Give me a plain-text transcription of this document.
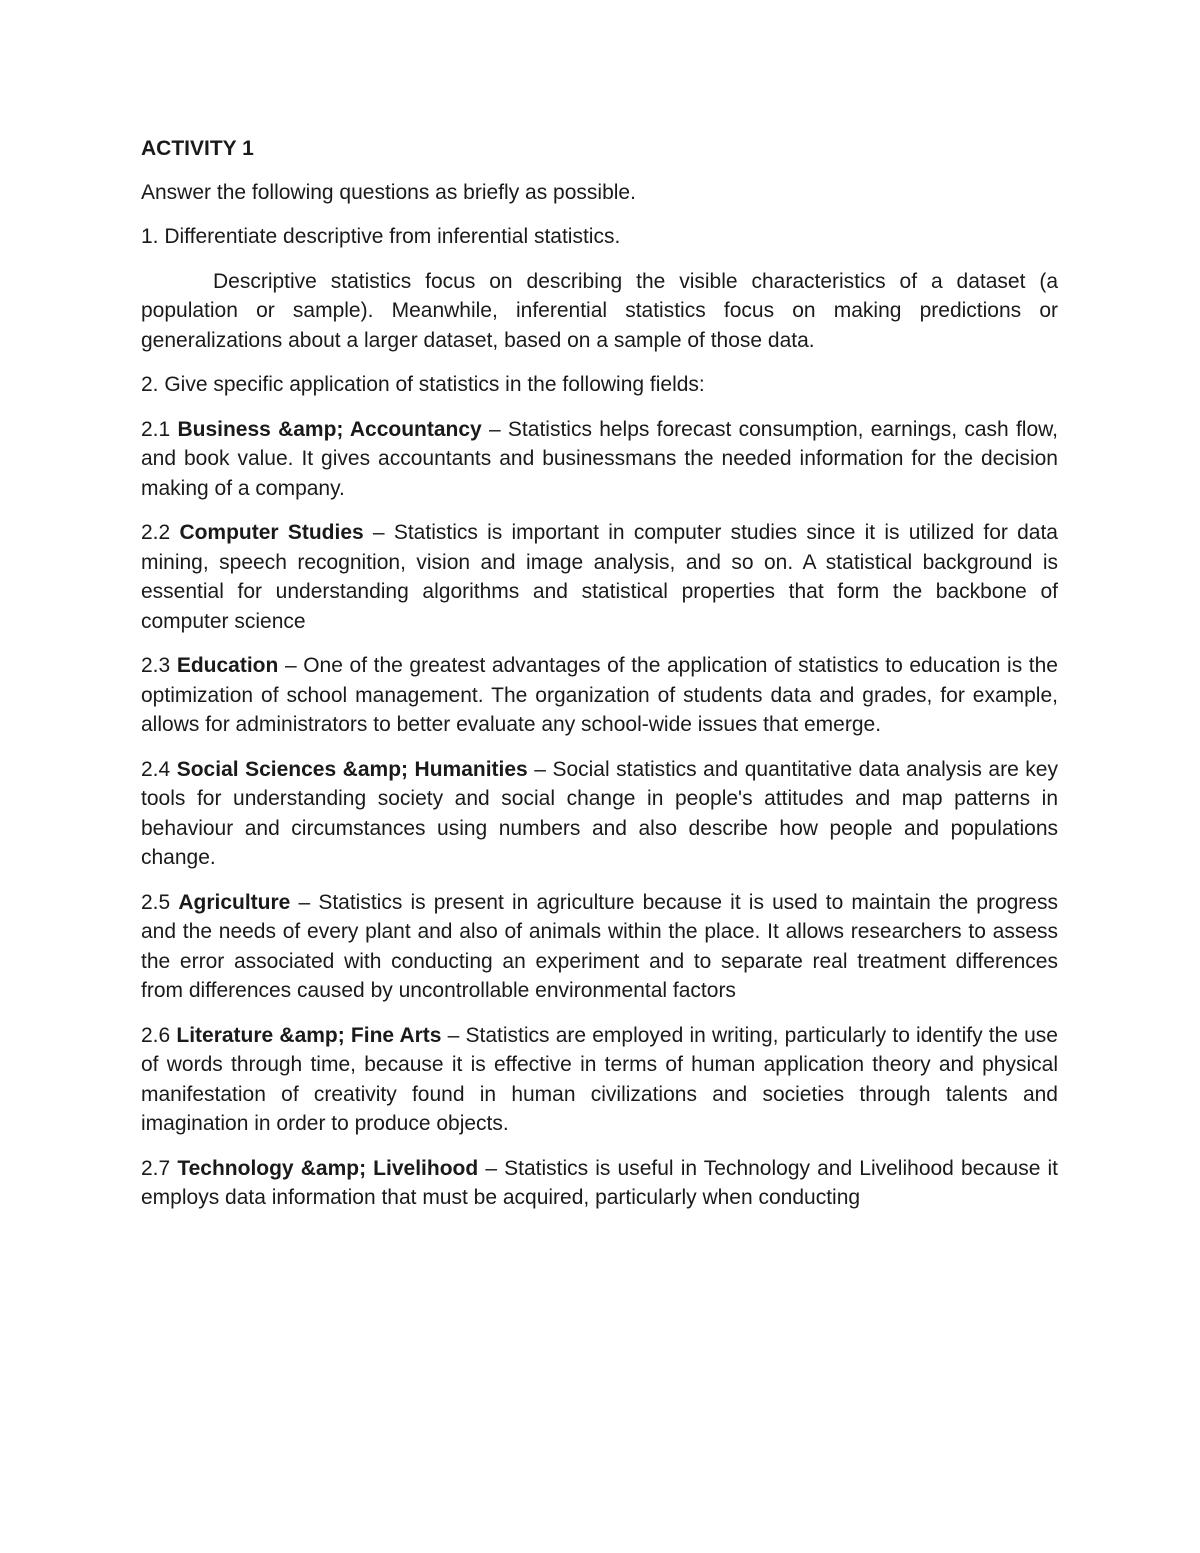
ACTIVITY 1
Answer the following questions as briefly as possible.
1. Differentiate descriptive from inferential statistics.
Descriptive statistics focus on describing the visible characteristics of a dataset (a population or sample). Meanwhile, inferential statistics focus on making predictions or generalizations about a larger dataset, based on a sample of those data.
2. Give specific application of statistics in the following fields:
2.1 Business &amp; Accountancy – Statistics helps forecast consumption, earnings, cash flow, and book value. It gives accountants and businessmans the needed information for the decision making of a company.
2.2 Computer Studies – Statistics is important in computer studies since it is utilized for data mining, speech recognition, vision and image analysis, and so on. A statistical background is essential for understanding algorithms and statistical properties that form the backbone of computer science
2.3 Education – One of the greatest advantages of the application of statistics to education is the optimization of school management. The organization of students data and grades, for example, allows for administrators to better evaluate any school-wide issues that emerge.
2.4 Social Sciences &amp; Humanities – Social statistics and quantitative data analysis are key tools for understanding society and social change in people's attitudes and map patterns in behaviour and circumstances using numbers and also describe how people and populations change.
2.5 Agriculture – Statistics is present in agriculture because it is used to maintain the progress and the needs of every plant and also of animals within the place. It allows researchers to assess the error associated with conducting an experiment and to separate real treatment differences from differences caused by uncontrollable environmental factors
2.6 Literature &amp; Fine Arts – Statistics are employed in writing, particularly to identify the use of words through time, because it is effective in terms of human application theory and physical manifestation of creativity found in human civilizations and societies through talents and imagination in order to produce objects.
2.7 Technology &amp; Livelihood – Statistics is useful in Technology and Livelihood because it employs data information that must be acquired, particularly when conducting
